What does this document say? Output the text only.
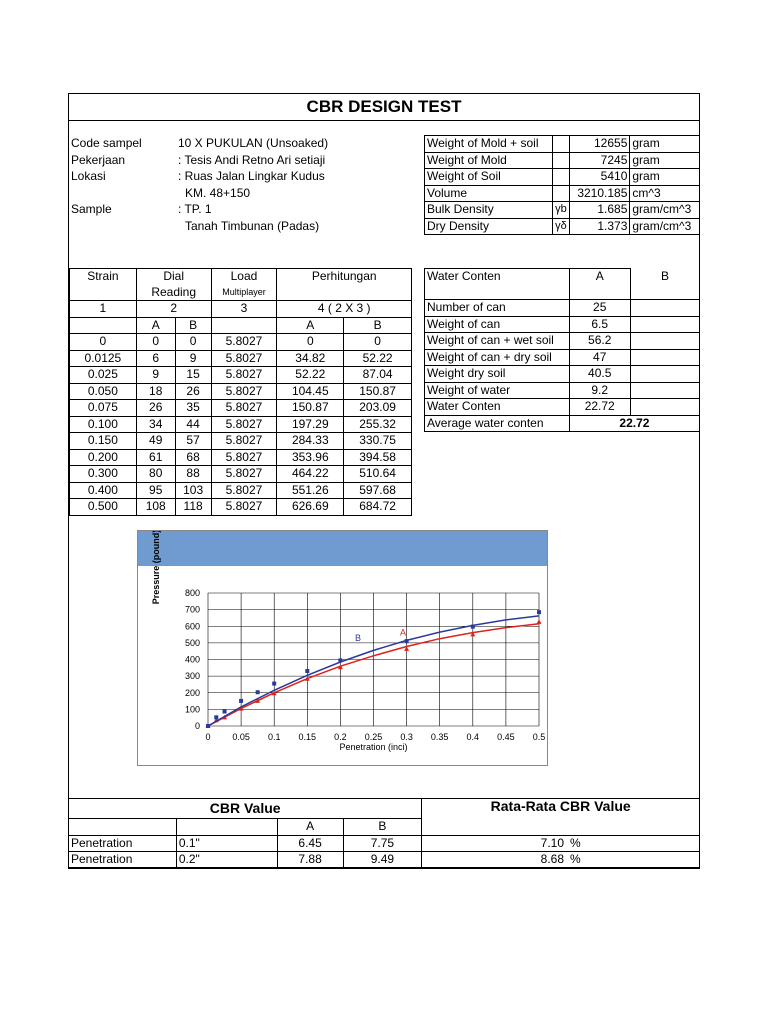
CBR DESIGN TEST
Code sampel	10 X PUKULAN (Unsoaked)
Pekerjaan	: Tesis Andi Retno Ari setiaji
Lokasi	: Ruas Jalan Lingkar Kudus
KM. 48+150
Sample	: TP. 1
Tanah Timbunan (Padas)
Weight of Mold + soil		12655	gram
Weight of Mold		7245	gram
Weight of Soil		5410	gram
Volume		3210.185	cm^3
Bulk Density	γb	1.685	gram/cm^3
Dry Density	γδ	1.373	gram/cm^3
Strain	Dial		Load	Perhitungan	
	Reading		Multiplayer		
1	2		3	4 ( 2 X 3 )	
	A	B		A	B
0	0	0	5.8027	0	0
0.0125	6	9	5.8027	34.82	52.22
0.025	9	15	5.8027	52.22	87.04
0.050	18	26	5.8027	104.45	150.87
0.075	26	35	5.8027	150.87	203.09
0.100	34	44	5.8027	197.29	255.32
0.150	49	57	5.8027	284.33	330.75
0.200	61	68	5.8027	353.96	394.58
0.300	80	88	5.8027	464.22	510.64
0.400	95	103	5.8027	551.26	597.68
0.500	108	118	5.8027	626.69	684.72
Water Conten	A	B
Number of can	25	
Weight of can	6.5	
Weight of can + wet soil	56.2	
Weight of can + dry soil	47	
Weight dry soil	40.5	
Weight of water	9.2	
Water Conten	22.72	
Average water conten	22.72	
0 0.05 0.1 0.15 0.2 0.25 0.3 0.35 0.4 0.45 0.5
0
100
200
300
400
500
600
700
800
Penetration (inci)
Pressure (pound)
A
B
CBR Value				Rata-Rata CBR Value
		A	B	
Penetration	0.1"	6.45	7.75	7.10 %
Penetration	0.2"	7.88	9.49	8.68 %
